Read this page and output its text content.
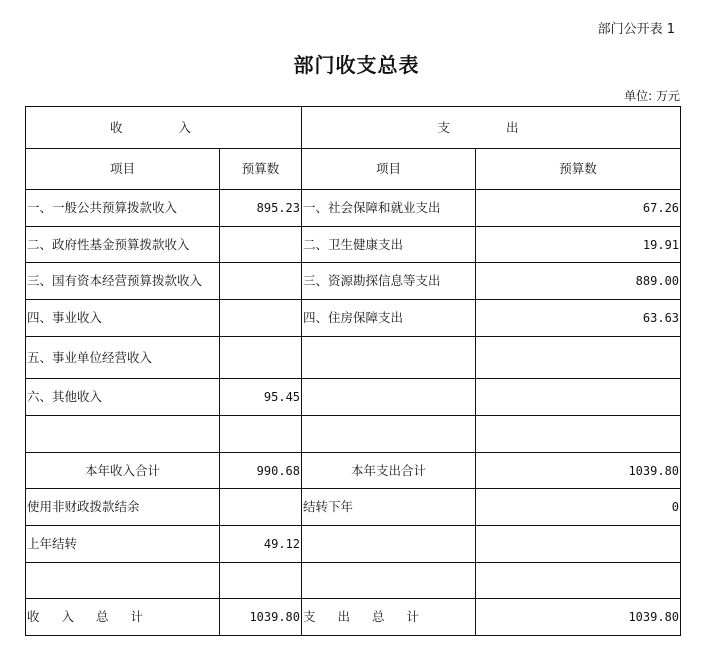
部门公开表 1
部门收支总表
单位: 万元
收 入		支 出	
项目	预算数	项目	预算数
一、一般公共预算拨款收入	895.23	一、社会保障和就业支出	67.26
二、政府性基金预算拨款收入		二、卫生健康支出	19.91
三、国有资本经营预算拨款收入		三、资源勘探信息等支出	889.00
四、事业收入		四、住房保障支出	63.63
五、事业单位经营收入			
六、其他收入	95.45		

本年收入合计	990.68	本年支出合计	1039.80
使用非财政拨款结余		结转下年	0
上年结转	49.12		

收入总计	1039.80	支出总计	1039.80
